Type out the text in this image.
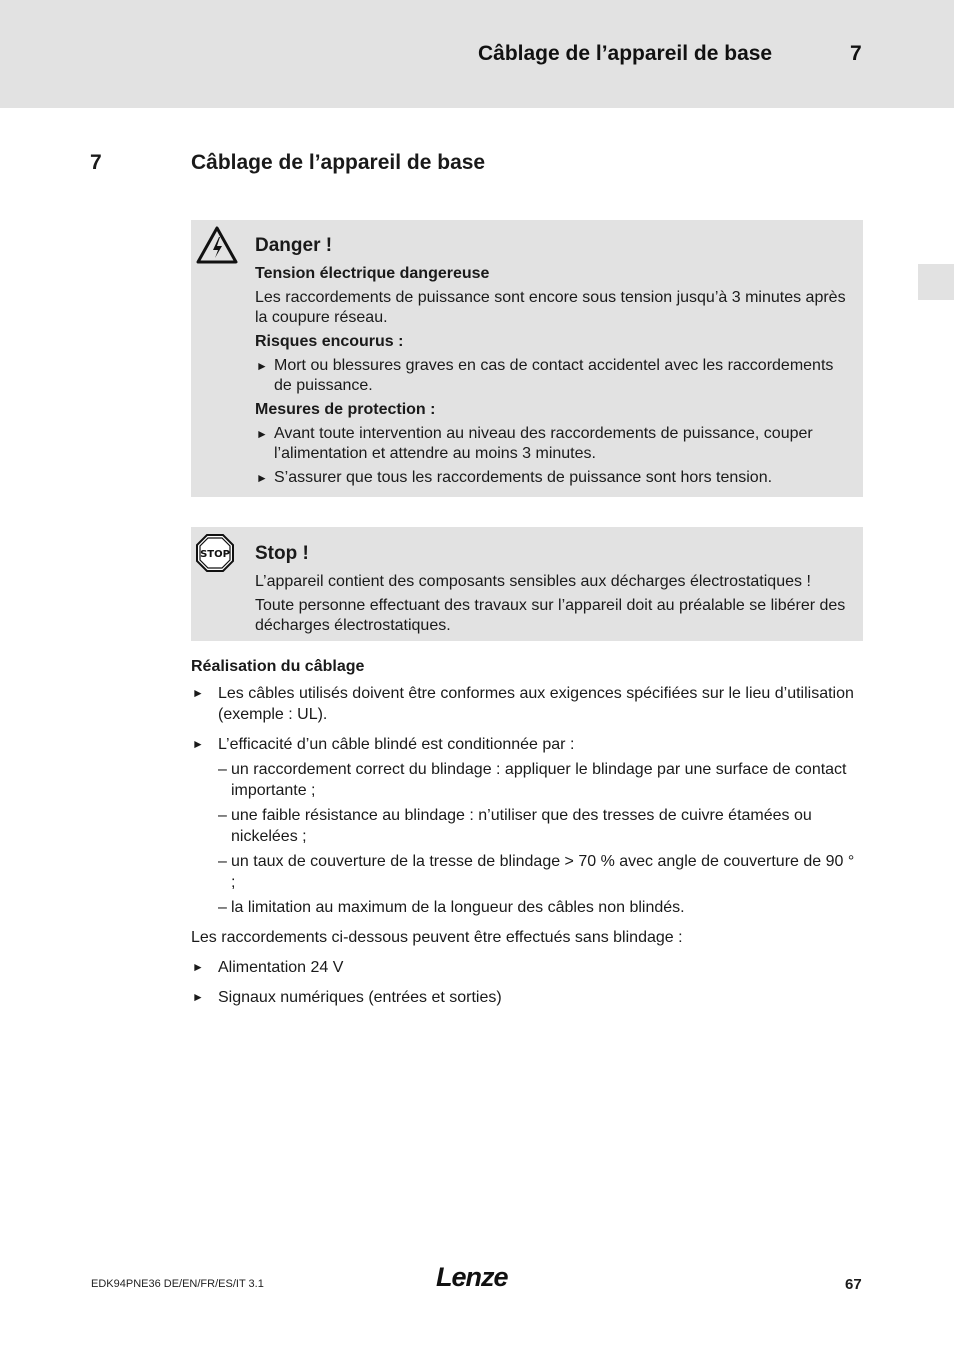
Câblage de l’appareil de base	7
7	Câblage de l’appareil de base
Danger !
Tension électrique dangereuse
Les raccordements de puissance sont encore sous tension jusqu’à 3 minutes après la coupure réseau.
Risques encourus :
► Mort ou blessures graves en cas de contact accidentel avec les raccordements de puissance.
Mesures de protection :
► Avant toute intervention au niveau des raccordements de puissance, couper l’alimentation et attendre au moins 3 minutes.
► S’assurer que tous les raccordements de puissance sont hors tension.
STOP Stop !
L’appareil contient des composants sensibles aux décharges électrostatiques !
Toute personne effectuant des travaux sur l’appareil doit au préalable se libérer des décharges électrostatiques.
Réalisation du câblage
► Les câbles utilisés doivent être conformes aux exigences spécifiées sur le lieu d’utilisation (exemple : UL).
► L’efficacité d’un câble blindé est conditionnée par :
– un raccordement correct du blindage : appliquer le blindage par une surface de contact importante ;
– une faible résistance au blindage : n’utiliser que des tresses de cuivre étamées ou nickelées ;
– un taux de couverture de la tresse de blindage > 70 % avec angle de couverture de 90 ° ;
– la limitation au maximum de la longueur des câbles non blindés.
Les raccordements ci-dessous peuvent être effectués sans blindage :
► Alimentation 24 V
► Signaux numériques (entrées et sorties)
EDK94PNE36 DE/EN/FR/ES/IT 3.1	Lenze	67
